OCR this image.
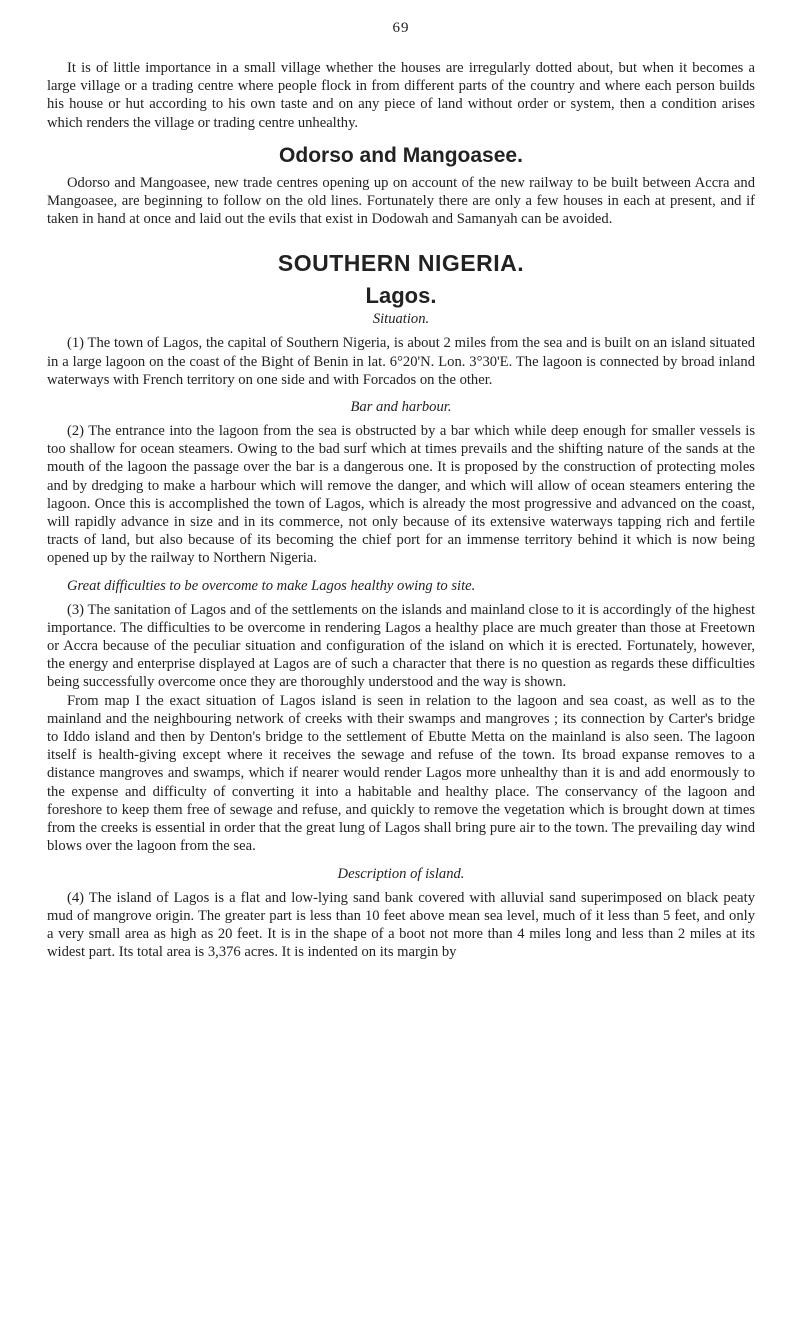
69

It is of little importance in a small village whether the houses are irregularly dotted about, but when it becomes a large village or a trading centre where people flock in from different parts of the country and where each person builds his house or hut according to his own taste and on any piece of land without order or system, then a condition arises which renders the village or trading centre unhealthy.

Odorso and Mangoasee.

Odorso and Mangoasee, new trade centres opening up on account of the new railway to be built between Accra and Mangoasee, are beginning to follow on the old lines. Fortunately there are only a few houses in each at present, and if taken in hand at once and laid out the evils that exist in Dodowah and Samanyah can be avoided.

SOUTHERN NIGERIA.
Lagos.
Situation.

(1) The town of Lagos, the capital of Southern Nigeria, is about 2 miles from the sea and is built on an island situated in a large lagoon on the coast of the Bight of Benin in lat. 6°20'N. Lon. 3°30'E. The lagoon is connected by broad inland waterways with French territory on one side and with Forcados on the other.

Bar and harbour.

(2) The entrance into the lagoon from the sea is obstructed by a bar which while deep enough for smaller vessels is too shallow for ocean steamers. Owing to the bad surf which at times prevails and the shifting nature of the sands at the mouth of the lagoon the passage over the bar is a dangerous one. It is proposed by the construction of protecting moles and by dredging to make a harbour which will remove the danger, and which will allow of ocean steamers entering the lagoon. Once this is accomplished the town of Lagos, which is already the most progressive and advanced on the coast, will rapidly advance in size and in its commerce, not only because of its extensive waterways tapping rich and fertile tracts of land, but also because of its becoming the chief port for an immense territory behind it which is now being opened up by the railway to Northern Nigeria.

Great difficulties to be overcome to make Lagos healthy owing to site.

(3) The sanitation of Lagos and of the settlements on the islands and mainland close to it is accordingly of the highest importance. The difficulties to be overcome in rendering Lagos a healthy place are much greater than those at Freetown or Accra because of the peculiar situation and configuration of the island on which it is erected. Fortunately, however, the energy and enterprise displayed at Lagos are of such a character that there is no question as regards these difficulties being successfully overcome once they are thoroughly understood and the way is shown.

From map I the exact situation of Lagos island is seen in relation to the lagoon and sea coast, as well as to the mainland and the neighbouring network of creeks with their swamps and mangroves ; its connection by Carter's bridge to Iddo island and then by Denton's bridge to the settlement of Ebutte Metta on the mainland is also seen. The lagoon itself is health-giving except where it receives the sewage and refuse of the town. Its broad expanse removes to a distance mangroves and swamps, which if nearer would render Lagos more unhealthy than it is and add enormously to the expense and difficulty of converting it into a habitable and healthy place. The conservancy of the lagoon and foreshore to keep them free of sewage and refuse, and quickly to remove the vegetation which is brought down at times from the creeks is essential in order that the great lung of Lagos shall bring pure air to the town. The prevailing day wind blows over the lagoon from the sea.

Description of island.

(4) The island of Lagos is a flat and low-lying sand bank covered with alluvial sand superimposed on black peaty mud of mangrove origin. The greater part is less than 10 feet above mean sea level, much of it less than 5 feet, and only a very small area as high as 20 feet. It is in the shape of a boot not more than 4 miles long and less than 2 miles at its widest part. Its total area is 3,376 acres. It is indented on its margin by
